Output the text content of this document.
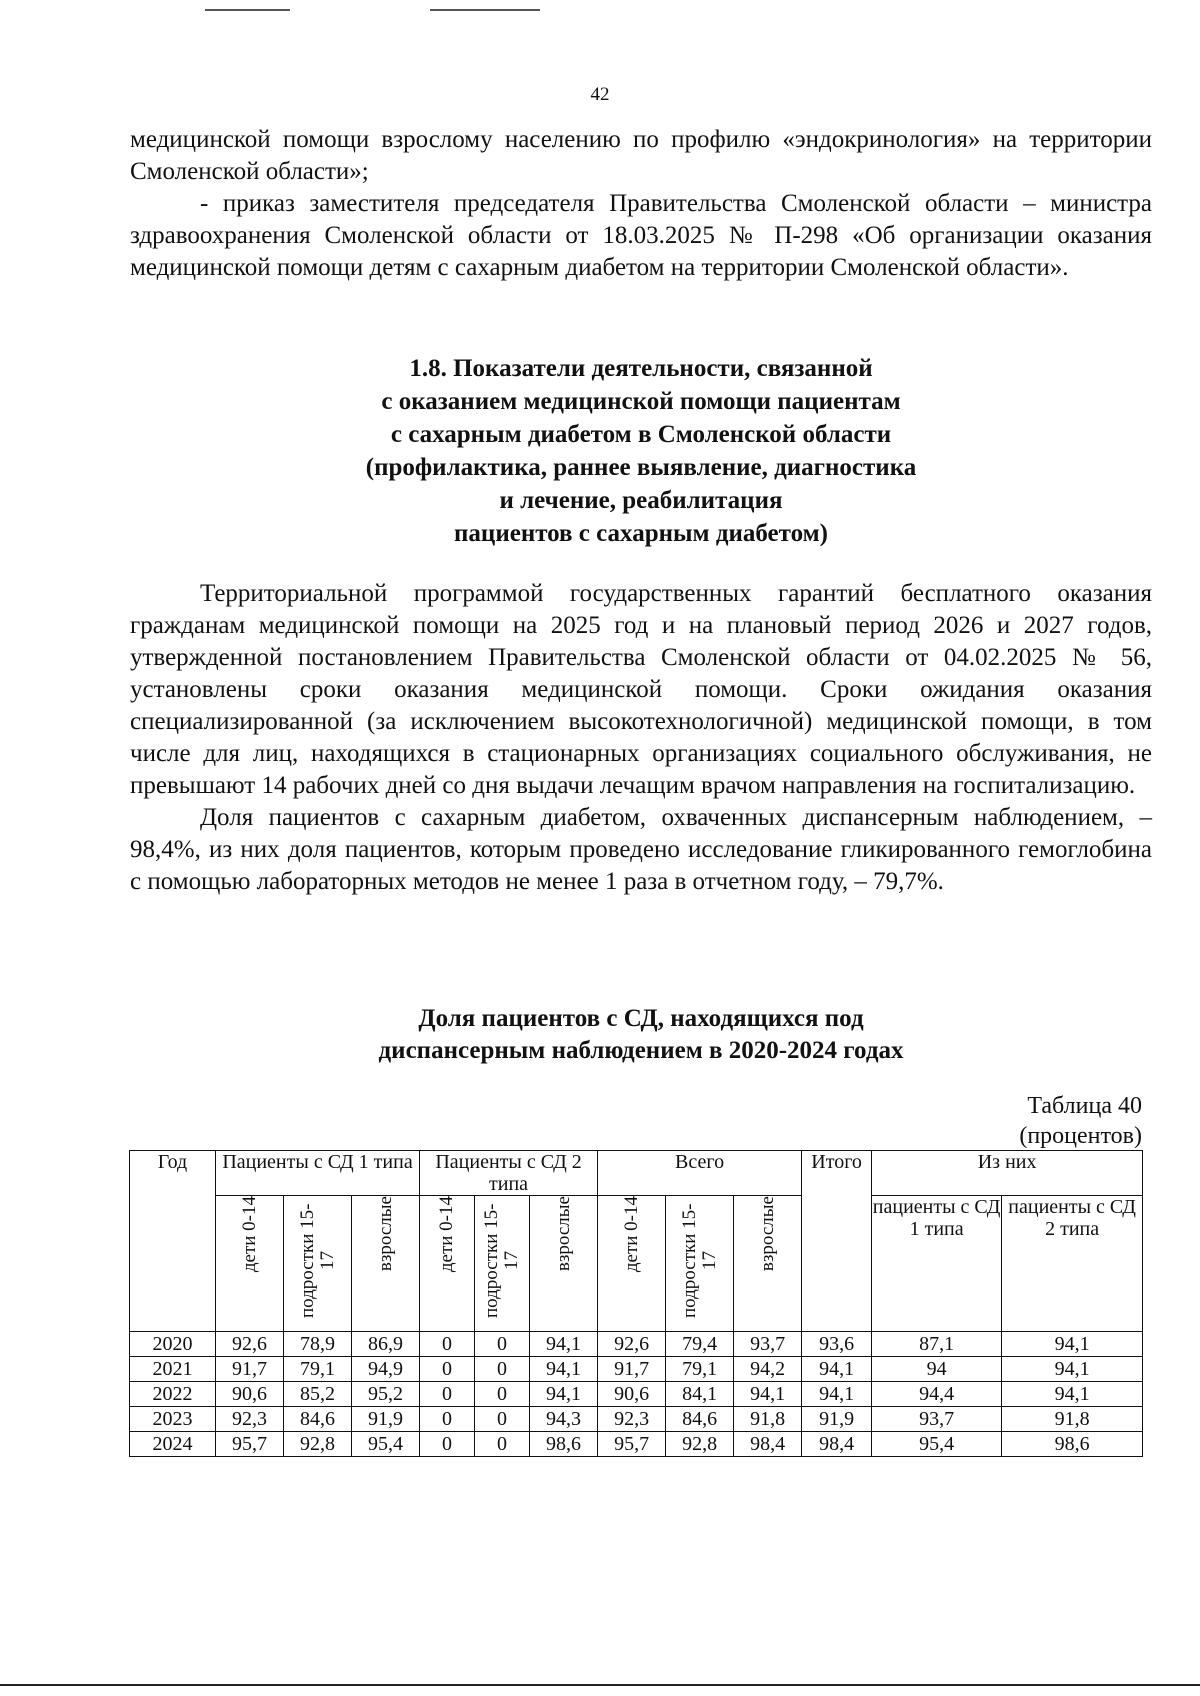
42

медицинской помощи взрослому населению по профилю «эндокринология» на территории Смоленской области»;

- приказ заместителя председателя Правительства Смоленской области – министра здравоохранения Смоленской области от 18.03.2025 № П-298 «Об организации оказания медицинской помощи детям с сахарным диабетом на территории Смоленской области».

1.8. Показатели деятельности, связанной
с оказанием медицинской помощи пациентам
с сахарным диабетом в Смоленской области
(профилактика, раннее выявление, диагностика
и лечение, реабилитация
пациентов с сахарным диабетом)

Территориальной программой государственных гарантий бесплатного оказания гражданам медицинской помощи на 2025 год и на плановый период 2026 и 2027 годов, утвержденной постановлением Правительства Смоленской области от 04.02.2025 № 56, установлены сроки оказания медицинской помощи. Сроки ожидания оказания специализированной (за исключением высокотехнологичной) медицинской помощи, в том числе для лиц, находящихся в стационарных организациях социального обслуживания, не превышают 14 рабочих дней со дня выдачи лечащим врачом направления на госпитализацию.

Доля пациентов с сахарным диабетом, охваченных диспансерным наблюдением, – 98,4%, из них доля пациентов, которым проведено исследование гликированного гемоглобина с помощью лабораторных методов не менее 1 раза в отчетном году, – 79,7%.

Доля пациентов с СД, находящихся под
диспансерным наблюдением в 2020-2024 годах
Таблица 40
(процентов)
Год	Пациенты с СД 1 типа			Пациенты с СД 2 типа			Всего			Итого	Из них	
	дети 0-14	подростки 15-17	взрослые	дети 0-14	подростки 15-17	взрослые	дети 0-14	подростки 15-17	взрослые		пациенты с СД 1 типа	пациенты с СД 2 типа
2020	92,6	78,9	86,9	0	0	94,1	92,6	79,4	93,7	93,6	87,1	94,1
2021	91,7	79,1	94,9	0	0	94,1	91,7	79,1	94,2	94,1	94	94,1
2022	90,6	85,2	95,2	0	0	94,1	90,6	84,1	94,1	94,1	94,4	94,1
2023	92,3	84,6	91,9	0	0	94,3	92,3	84,6	91,8	91,9	93,7	91,8
2024	95,7	92,8	95,4	0	0	98,6	95,7	92,8	98,4	98,4	95,4	98,6
